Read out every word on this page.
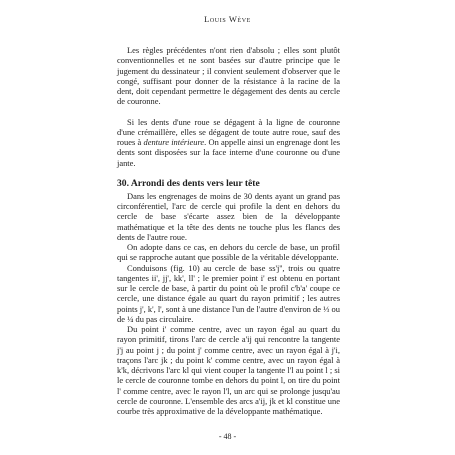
Louis Wève

Les règles précédentes n'ont rien d'absolu ; elles sont plutôt conventionnelles et ne sont basées sur d'autre principe que le jugement du dessinateur ; il convient seulement d'observer que le congé, suffisant pour donner de la résistance à la racine de la dent, doit cependant permettre le dégagement des dents au cercle de couronne.

Si les dents d'une roue se dégagent à la ligne de couronne d'une crémaillère, elles se dégagent de toute autre roue, sauf des roues à denture intérieure. On appelle ainsi un engrenage dont les dents sont disposées sur la face interne d'une couronne ou d'une jante.

30. Arrondi des dents vers leur tête

Dans les engrenages de moins de 30 dents ayant un grand pas circonférentiel, l'arc de cercle qui profile la dent en dehors du cercle de base s'écarte assez bien de la développante mathématique et la tête des dents ne touche plus les flancs des dents de l'autre roue.

On adopte dans ce cas, en dehors du cercle de base, un profil qui se rapproche autant que possible de la véritable développante.

Conduisons (fig. 10) au cercle de base ss'j'', trois ou quatre tangentes ii', jj', kk', ll' ; le premier point i' est obtenu en portant sur le cercle de base, à partir du point où le profil c'b'a' coupe ce cercle, une distance égale au quart du rayon primitif ; les autres points j', k', l', sont à une distance l'un de l'autre d'environ de ⅓ ou de ¼ du pas circulaire.

Du point i' comme centre, avec un rayon égal au quart du rayon primitif, tirons l'arc de cercle a'ij qui rencontre la tangente j'j au point j ; du point j' comme centre, avec un rayon égal à j'i, traçons l'arc jk ; du point k' comme centre, avec un rayon égal à k'k, décrivons l'arc kl qui vient couper la tangente l'l au point l ; si le cercle de couronne tombe en dehors du point l, on tire du point l' comme centre, avec le rayon l'l, un arc qui se prolonge jusqu'au cercle de couronne. L'ensemble des arcs a'ij, jk et kl constitue une courbe très approximative de la développante mathématique.

- 48 -
